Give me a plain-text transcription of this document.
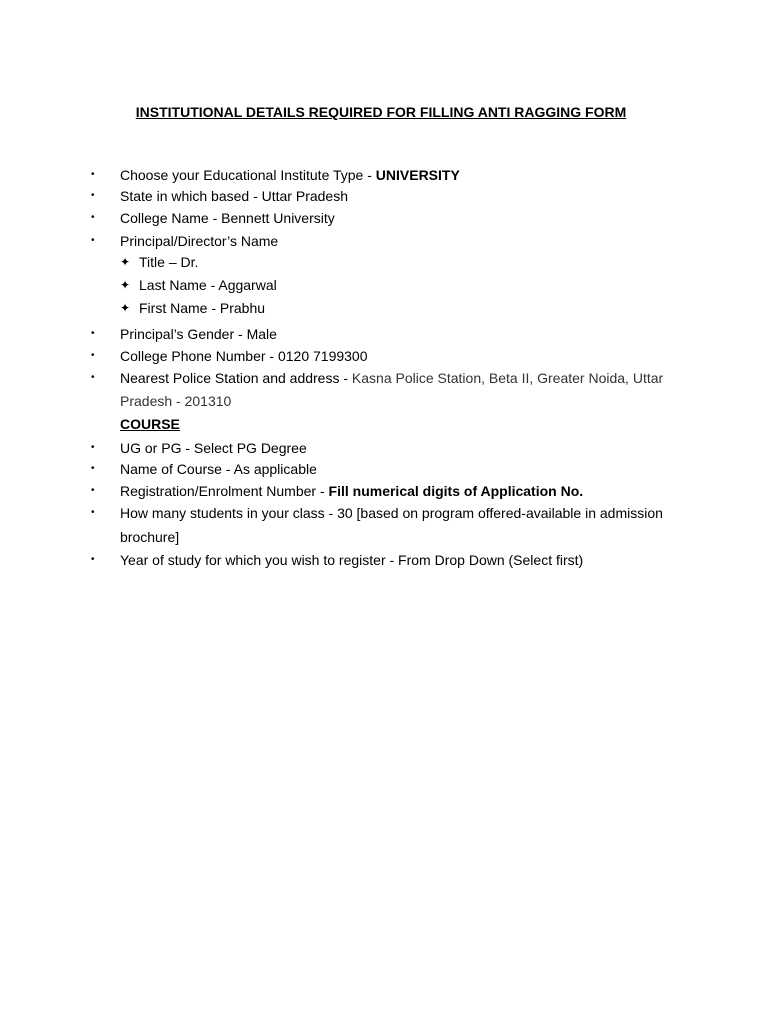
INSTITUTIONAL DETAILS REQUIRED FOR FILLING ANTI RAGGING FORM
• Choose your Educational Institute Type - UNIVERSITY
• State in which based - Uttar Pradesh
• College Name - Bennett University
• Principal/Director’s Name
✦ Title – Dr.
✦ Last Name - Aggarwal
✦ First Name - Prabhu
• Principal’s Gender - Male
• College Phone Number - 0120 7199300
• Nearest Police Station and address - Kasna Police Station, Beta II, Greater Noida, Uttar
Pradesh - 201310
COURSE
• UG or PG - Select PG Degree
• Name of Course - As applicable
• Registration/Enrolment Number - Fill numerical digits of Application No.
• How many students in your class - 30 [based on program offered-available in admission
brochure]
• Year of study for which you wish to register - From Drop Down (Select first)
